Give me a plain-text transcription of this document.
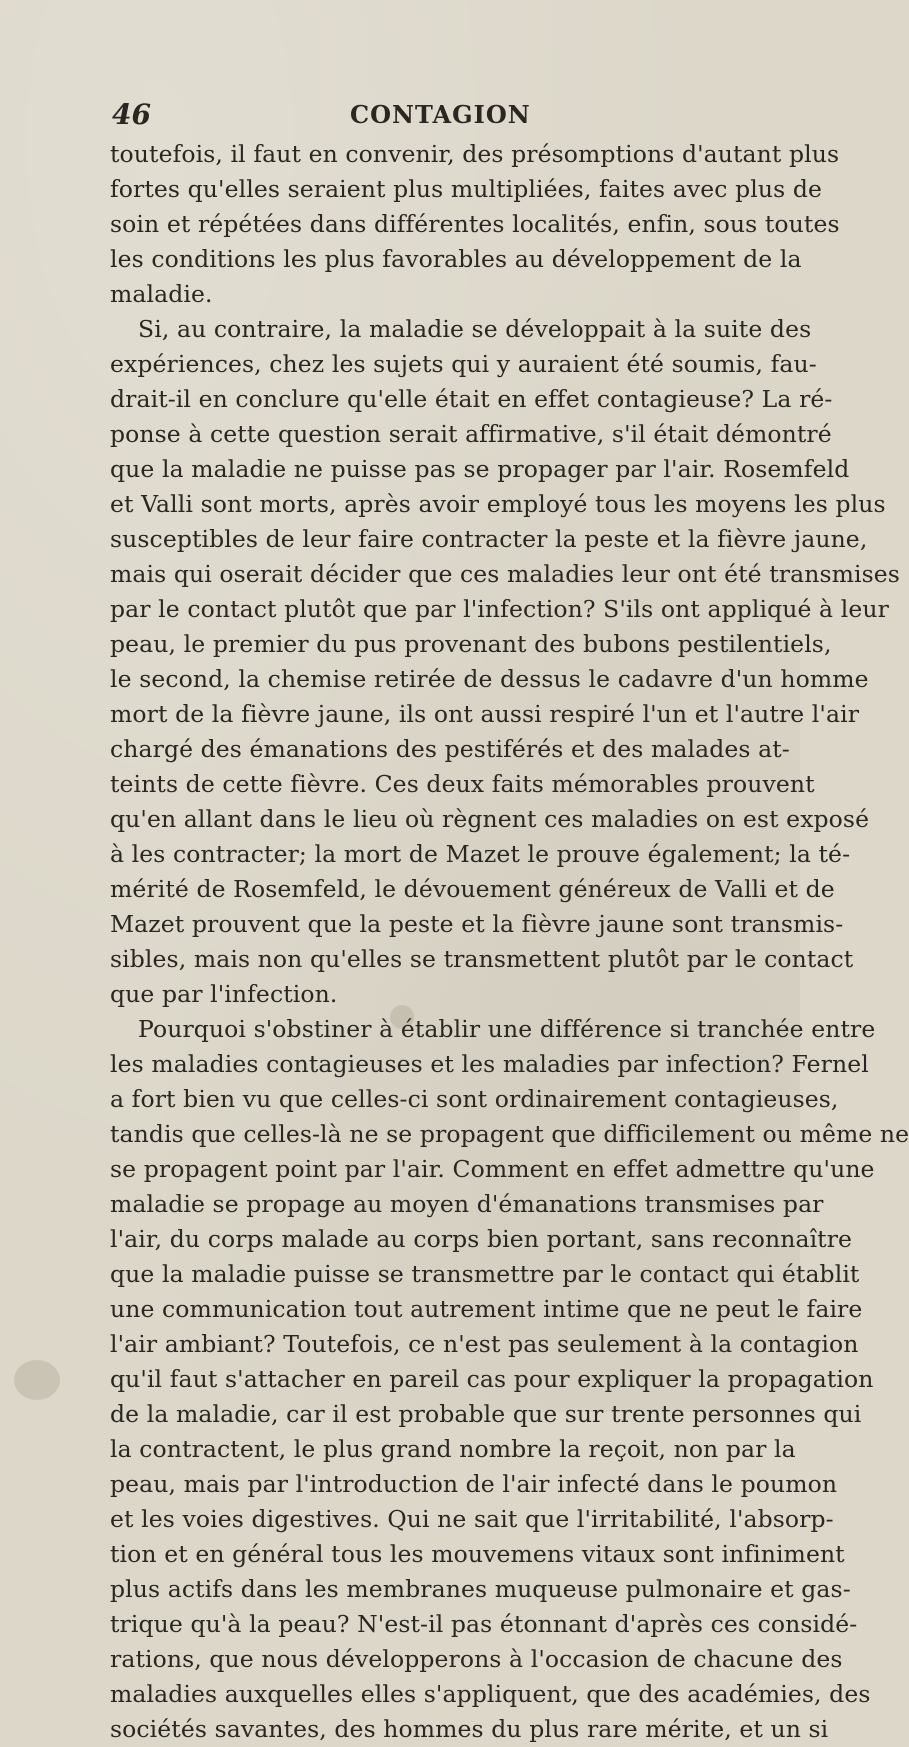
46	CONTAGION
toutefois, il faut en convenir, des présomptions d'autant plus
fortes qu'elles seraient plus multipliées, faites avec plus de
soin et répétées dans différentes localités, enfin, sous toutes
les conditions les plus favorables au développement de la
maladie.
Si, au contraire, la maladie se développait à la suite des
expériences, chez les sujets qui y auraient été soumis, fau-
drait-il en conclure qu'elle était en effet contagieuse? La ré-
ponse à cette question serait affirmative, s'il était démontré
que la maladie ne puisse pas se propager par l'air. Rosemfeld
et Valli sont morts, après avoir employé tous les moyens les plus
susceptibles de leur faire contracter la peste et la fièvre jaune,
mais qui oserait décider que ces maladies leur ont été transmises
par le contact plutôt que par l'infection? S'ils ont appliqué à leur
peau, le premier du pus provenant des bubons pestilentiels,
le second, la chemise retirée de dessus le cadavre d'un homme
mort de la fièvre jaune, ils ont aussi respiré l'un et l'autre l'air
chargé des émanations des pestiférés et des malades at-
teints de cette fièvre. Ces deux faits mémorables prouvent
qu'en allant dans le lieu où règnent ces maladies on est exposé
à les contracter; la mort de Mazet le prouve également; la té-
mérité de Rosemfeld, le dévouement généreux de Valli et de
Mazet prouvent que la peste et la fièvre jaune sont transmis-
sibles, mais non qu'elles se transmettent plutôt par le contact
que par l'infection.
Pourquoi s'obstiner à établir une différence si tranchée entre
les maladies contagieuses et les maladies par infection? Fernel
a fort bien vu que celles-ci sont ordinairement contagieuses,
tandis que celles-là ne se propagent que difficilement ou même ne
se propagent point par l'air. Comment en effet admettre qu'une
maladie se propage au moyen d'émanations transmises par
l'air, du corps malade au corps bien portant, sans reconnaître
que la maladie puisse se transmettre par le contact qui établit
une communication tout autrement intime que ne peut le faire
l'air ambiant? Toutefois, ce n'est pas seulement à la contagion
qu'il faut s'attacher en pareil cas pour expliquer la propagation
de la maladie, car il est probable que sur trente personnes qui
la contractent, le plus grand nombre la reçoit, non par la
peau, mais par l'introduction de l'air infecté dans le poumon
et les voies digestives. Qui ne sait que l'irritabilité, l'absorp-
tion et en général tous les mouvemens vitaux sont infiniment
plus actifs dans les membranes muqueuse pulmonaire et gas-
trique qu'à la peau? N'est-il pas étonnant d'après ces considé-
rations, que nous développerons à l'occasion de chacune des
maladies auxquelles elles s'appliquent, que des académies, des
sociétés savantes, des hommes du plus rare mérite, et un si
